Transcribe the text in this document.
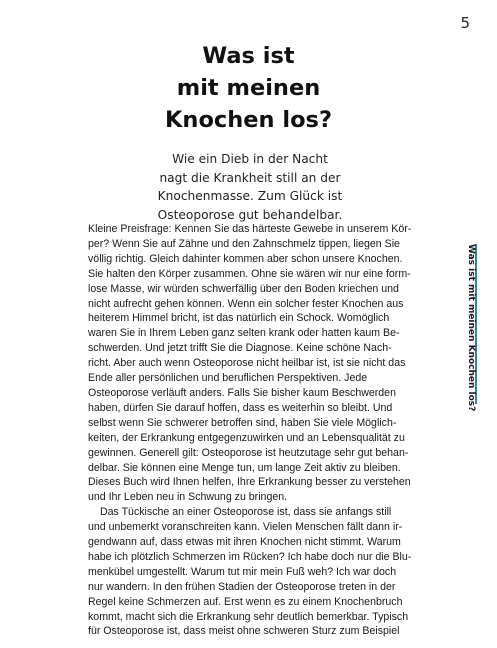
5
Was ist
mit meinen
Knochen los?
Wie ein Dieb in der Nacht
nagt die Krankheit still an der
Knochenmasse. Zum Glück ist
Osteoporose gut behandelbar.
Kleine Preisfrage: Kennen Sie das härteste Gewebe in unserem Kör-
per? Wenn Sie auf Zähne und den Zahnschmelz tippen, liegen Sie
völlig richtig. Gleich dahinter kommen aber schon unsere Knochen.
Sie halten den Körper zusammen. Ohne sie wären wir nur eine form-
lose Masse, wir würden schwerfällig über den Boden kriechen und
nicht aufrecht gehen können. Wenn ein solcher fester Knochen aus
heiterem Himmel bricht, ist das natürlich ein Schock. Womöglich
waren Sie in Ihrem Leben ganz selten krank oder hatten kaum Be-
schwerden. Und jetzt trifft Sie die Diagnose. Keine schöne Nach-
richt. Aber auch wenn Osteoporose nicht heilbar ist, ist sie nicht das
Ende aller persönlichen und beruflichen Perspektiven. Jede
Osteoporose verläuft anders. Falls Sie bisher kaum Beschwerden
haben, dürfen Sie darauf hoffen, dass es weiterhin so bleibt. Und
selbst wenn Sie schwerer betroffen sind, haben Sie viele Möglich-
keiten, der Erkrankung entgegenzuwirken und an Lebensqualität zu
gewinnen. Generell gilt: Osteoporose ist heutzutage sehr gut behan-
delbar. Sie können eine Menge tun, um lange Zeit aktiv zu bleiben.
Dieses Buch wird Ihnen helfen, Ihre Erkrankung besser zu verstehen
und Ihr Leben neu in Schwung zu bringen.
Das Tückische an einer Osteoporose ist, dass sie anfangs still
und unbemerkt voranschreiten kann. Vielen Menschen fällt dann ir-
gendwann auf, dass etwas mit ihren Knochen nicht stimmt. Warum
habe ich plötzlich Schmerzen im Rücken? Ich habe doch nur die Blu-
menkübel umgestellt. Warum tut mir mein Fuß weh? Ich war doch
nur wandern. In den frühen Stadien der Osteoporose treten in der
Regel keine Schmerzen auf. Erst wenn es zu einem Knochenbruch
kommt, macht sich die Erkrankung sehr deutlich bemerkbar. Typisch
für Osteoporose ist, dass meist ohne schweren Sturz zum Beispiel
Was ist mit meinen Knochen los?
